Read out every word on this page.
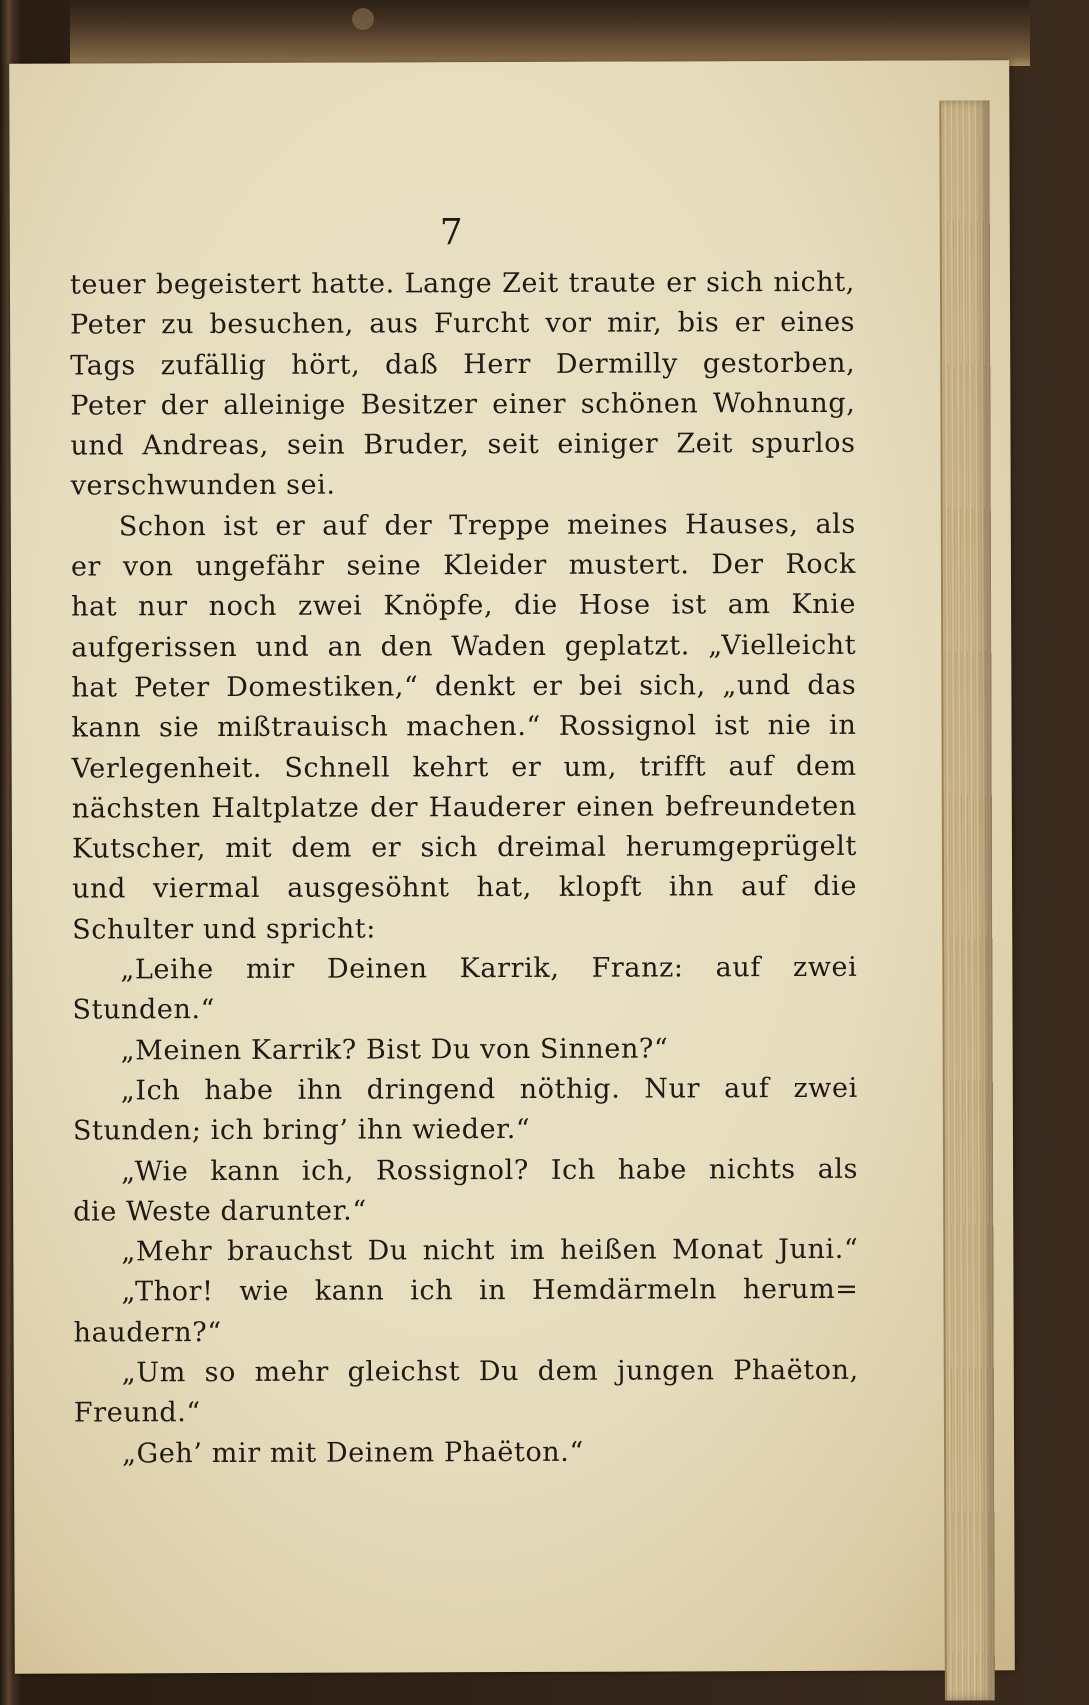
7
teuer begeistert hatte. Lange Zeit traute er sich nicht,
Peter zu besuchen, aus Furcht vor mir, bis er eines
Tags zufällig hört, daß Herr Dermilly gestorben,
Peter der alleinige Besitzer einer schönen Wohnung,
und Andreas, sein Bruder, seit einiger Zeit spurlos
verschwunden sei.
Schon ist er auf der Treppe meines Hauses, als
er von ungefähr seine Kleider mustert. Der Rock
hat nur noch zwei Knöpfe, die Hose ist am Knie
aufgerissen und an den Waden geplatzt. „Vielleicht
hat Peter Domestiken,“ denkt er bei sich, „und das
kann sie mißtrauisch machen.“ Rossignol ist nie in
Verlegenheit. Schnell kehrt er um, trifft auf dem
nächsten Haltplatze der Hauderer einen befreundeten
Kutscher, mit dem er sich dreimal herumgeprügelt
und viermal ausgesöhnt hat, klopft ihn auf die
Schulter und spricht:
„Leihe mir Deinen Karrik, Franz: auf zwei
Stunden.“
„Meinen Karrik? Bist Du von Sinnen?“
„Ich habe ihn dringend nöthig. Nur auf zwei
Stunden; ich bring’ ihn wieder.“
„Wie kann ich, Rossignol? Ich habe nichts als
die Weste darunter.“
„Mehr brauchst Du nicht im heißen Monat Juni.“
„Thor! wie kann ich in Hemdärmeln herum=
haudern?“
„Um so mehr gleichst Du dem jungen Phaëton,
Freund.“
„Geh’ mir mit Deinem Phaëton.“
